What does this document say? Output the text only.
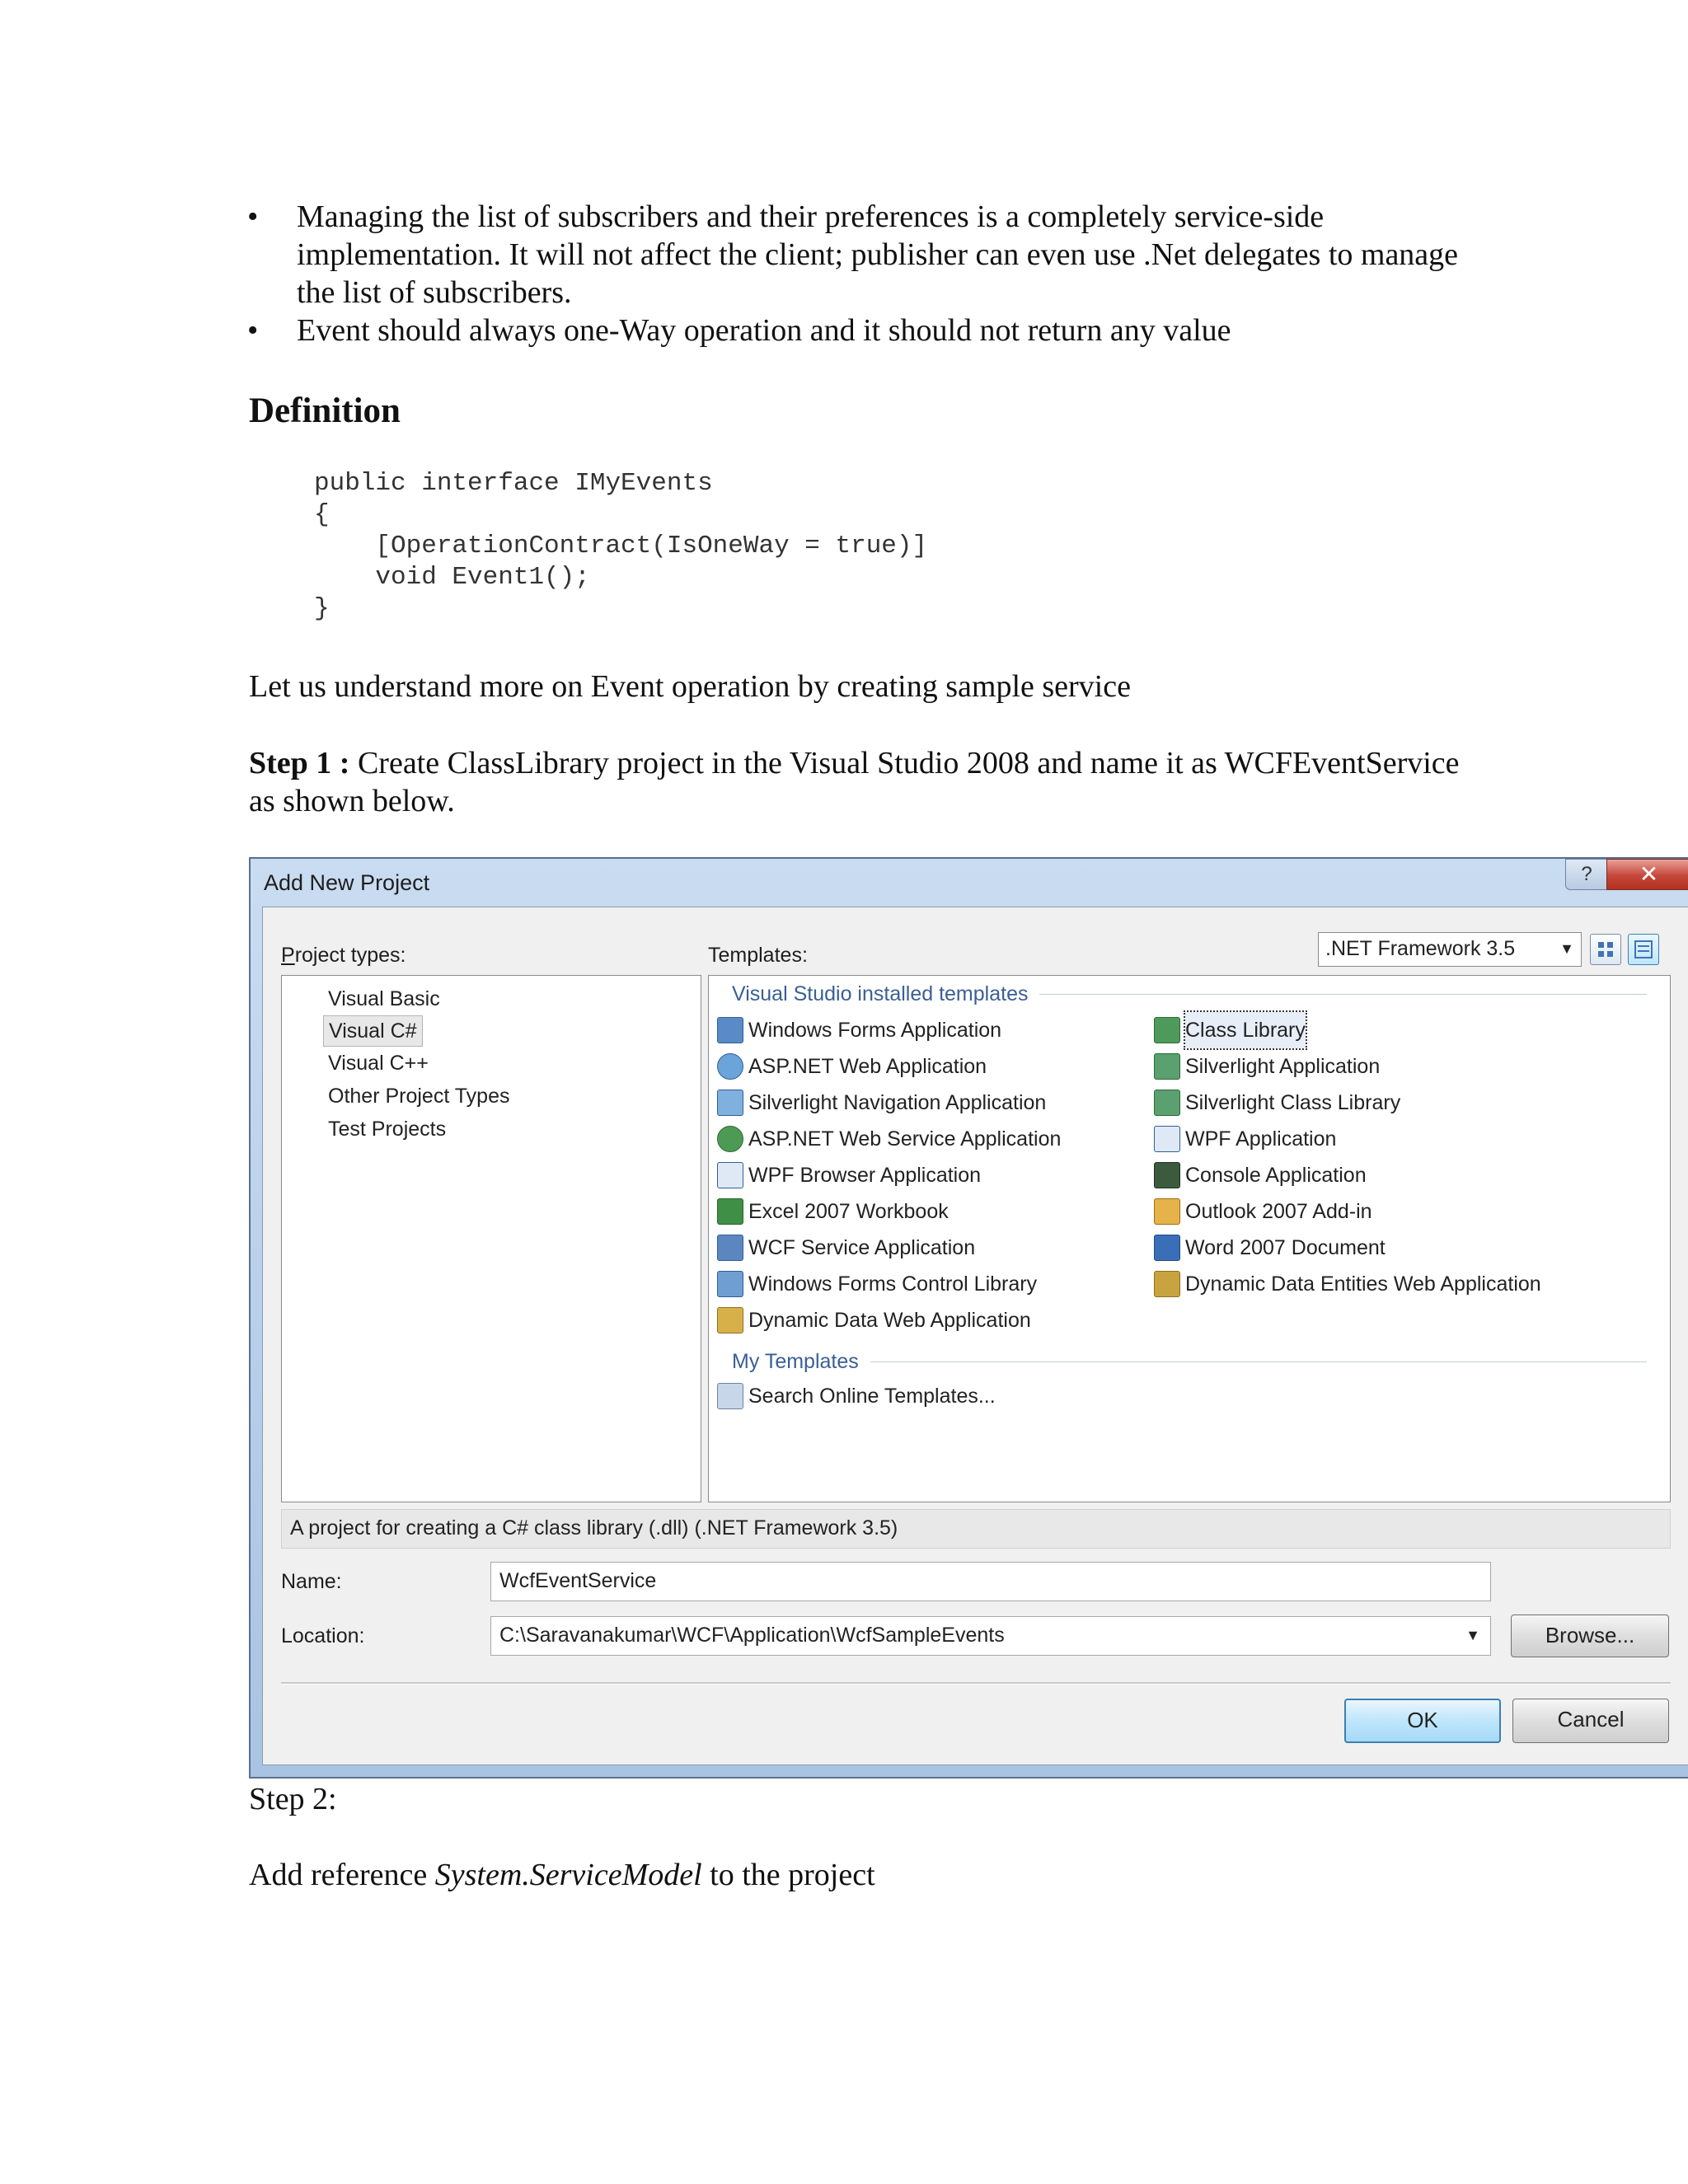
• Managing the list of subscribers and their preferences is a completely service-side implementation. It will not affect the client; publisher can even use .Net delegates to manage the list of subscribers.
• Event should always one-Way operation and it should not return any value
Definition
public interface IMyEvents
{
[OperationContract(IsOneWay = true)]
void Event1();
}
Let us understand more on Event operation by creating sample service
Step 1 : Create ClassLibrary project in the Visual Studio 2008 and name it as WCFEventService as shown below.
Add New Project	?	✕
Project types:	Templates:	.NET Framework 3.5	▼
Visual Basic
Visual C#
Visual C++
Other Project Types
Test Projects
Visual Studio installed templates
Windows Forms Application
ASP.NET Web Application
Silverlight Navigation Application
ASP.NET Web Service Application
WPF Browser Application
Excel 2007 Workbook
WCF Service Application
Windows Forms Control Library
Dynamic Data Web Application
Class Library
Silverlight Application
Silverlight Class Library
WPF Application
Console Application
Outlook 2007 Add-in
Word 2007 Document
Dynamic Data Entities Web Application
My Templates
Search Online Templates...
A project for creating a C# class library (.dll) (.NET Framework 3.5)
Name:	WcfEventService
Location:	C:\Saravanakumar\WCF\Application\WcfSampleEvents	▼	Browse...
OK	Cancel
Step 2:
Add reference System.ServiceModel to the project
